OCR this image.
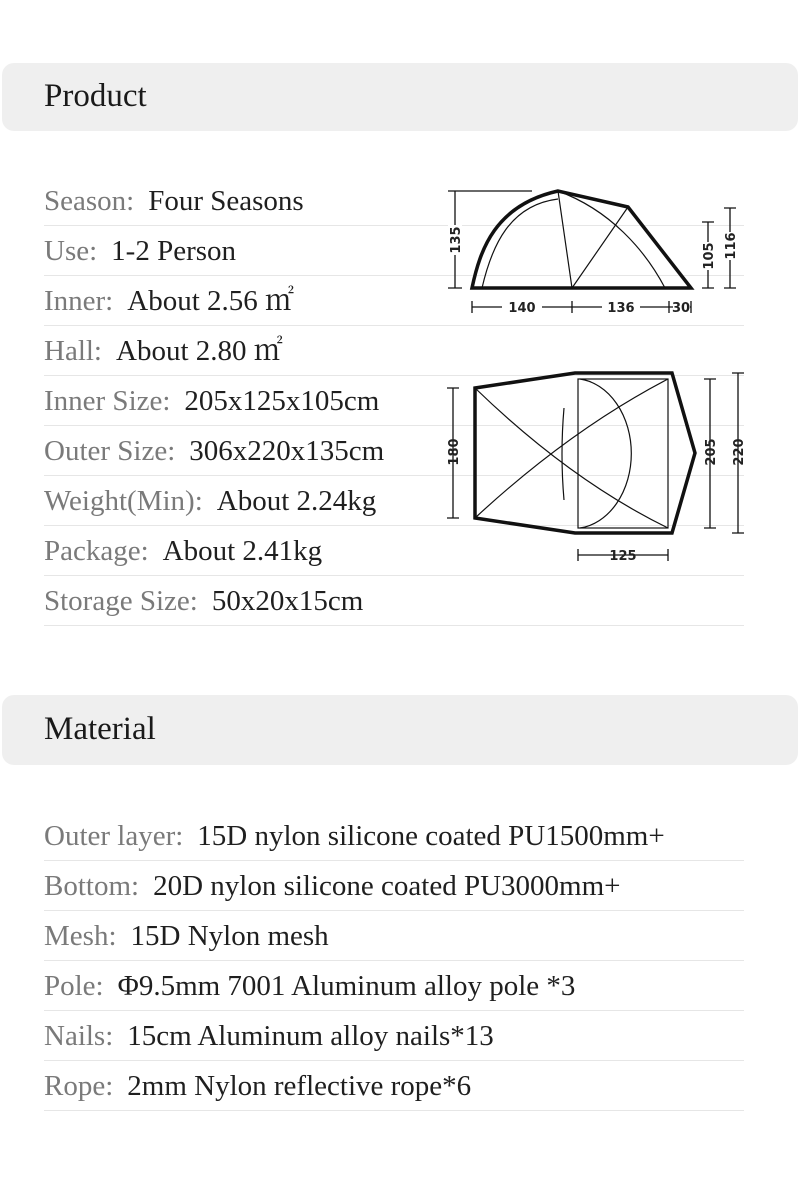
Product
Season: Four Seasons
Use: 1-2 Person
Inner: About 2.56 ㎡
Hall: About 2.80 ㎡
Inner Size: 205x125x105cm
Outer Size: 306x220x135cm
Weight(Min): About 2.24kg
Package: About 2.41kg
Storage Size: 50x20x15cm
135
105 116
140	136	30
180	205 220
125
Material
Outer layer: 15D nylon silicone coated PU1500mm+
Bottom: 20D nylon silicone coated PU3000mm+
Mesh: 15D Nylon mesh
Pole: Φ9.5mm 7001 Aluminum alloy pole *3
Nails: 15cm Aluminum alloy nails*13
Rope: 2mm Nylon reflective rope*6
